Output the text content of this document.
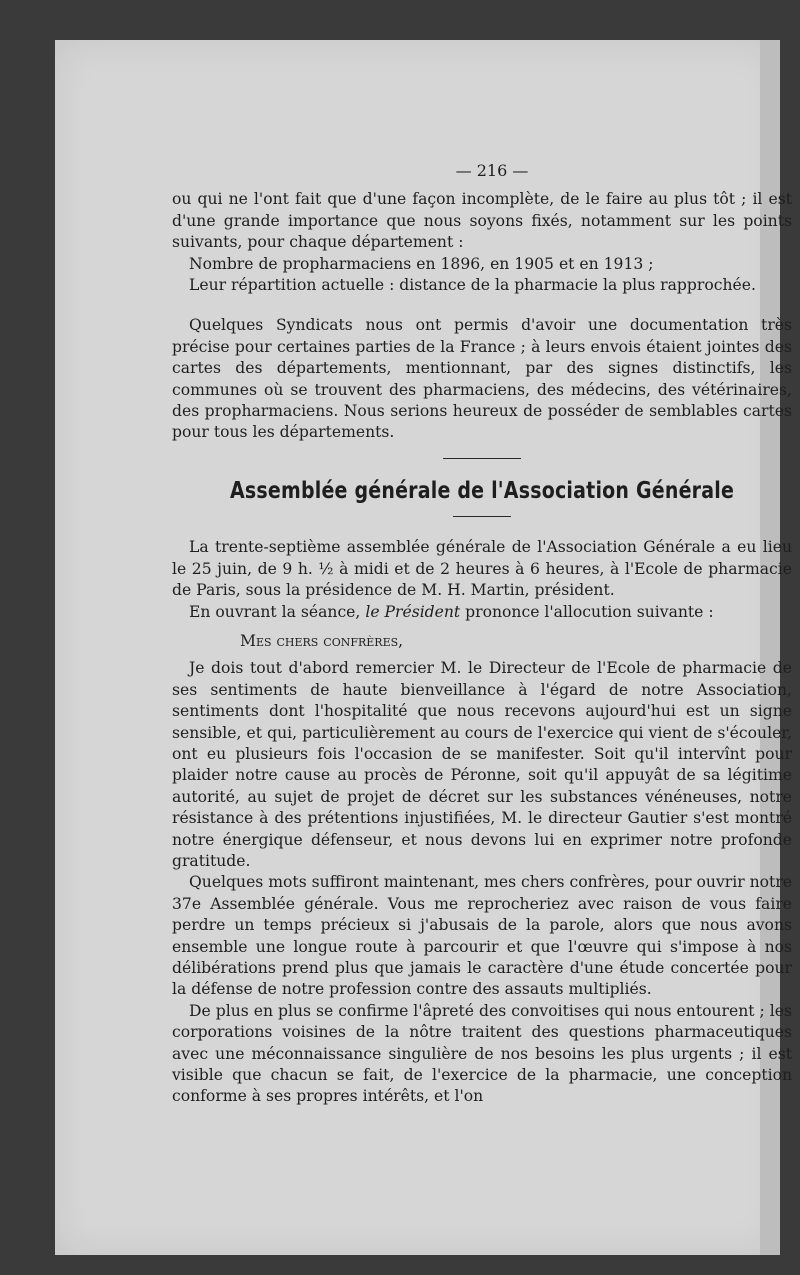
— 216 —

ou qui ne l'ont fait que d'une façon incomplète, de le faire au plus tôt ; il est d'une grande importance que nous soyons fixés, notamment sur les points suivants, pour chaque département :

Nombre de propharmaciens en 1896, en 1905 et en 1913 ;

Leur répartition actuelle : distance de la pharmacie la plus rapprochée.

Quelques Syndicats nous ont permis d'avoir une documentation très précise pour certaines parties de la France ; à leurs envois étaient jointes des cartes des départements, mentionnant, par des signes distinctifs, les communes où se trouvent des pharmaciens, des médecins, des vétérinaires, des propharmaciens. Nous serions heureux de posséder de semblables cartes pour tous les départements.

Assemblée générale de l'Association Générale

La trente-septième assemblée générale de l'Association Générale a eu lieu le 25 juin, de 9 h. ½ à midi et de 2 heures à 6 heures, à l'Ecole de pharmacie de Paris, sous la présidence de M. H. Martin, président.

En ouvrant la séance, le Président prononce l'allocution suivante :

Mes chers confrères,

Je dois tout d'abord remercier M. le Directeur de l'Ecole de pharmacie de ses sentiments de haute bienveillance à l'égard de notre Association, sentiments dont l'hospitalité que nous recevons aujourd'hui est un signe sensible, et qui, particulièrement au cours de l'exercice qui vient de s'écouler, ont eu plusieurs fois l'occasion de se manifester. Soit qu'il intervînt pour plaider notre cause au procès de Péronne, soit qu'il appuyât de sa légitime autorité, au sujet de projet de décret sur les substances vénéneuses, notre résistance à des prétentions injustifiées, M. le directeur Gautier s'est montré notre énergique défenseur, et nous devons lui en exprimer notre profonde gratitude.

Quelques mots suffiront maintenant, mes chers confrères, pour ouvrir notre 37e Assemblée générale. Vous me reprocheriez avec raison de vous faire perdre un temps précieux si j'abusais de la parole, alors que nous avons ensemble une longue route à parcourir et que l'œuvre qui s'impose à nos délibérations prend plus que jamais le caractère d'une étude concertée pour la défense de notre profession contre des assauts multipliés.

De plus en plus se confirme l'âpreté des convoitises qui nous entourent ; les corporations voisines de la nôtre traitent des questions pharmaceutiques avec une méconnaissance singulière de nos besoins les plus urgents ; il est visible que chacun se fait, de l'exercice de la pharmacie, une conception conforme à ses propres intérêts, et l'on
